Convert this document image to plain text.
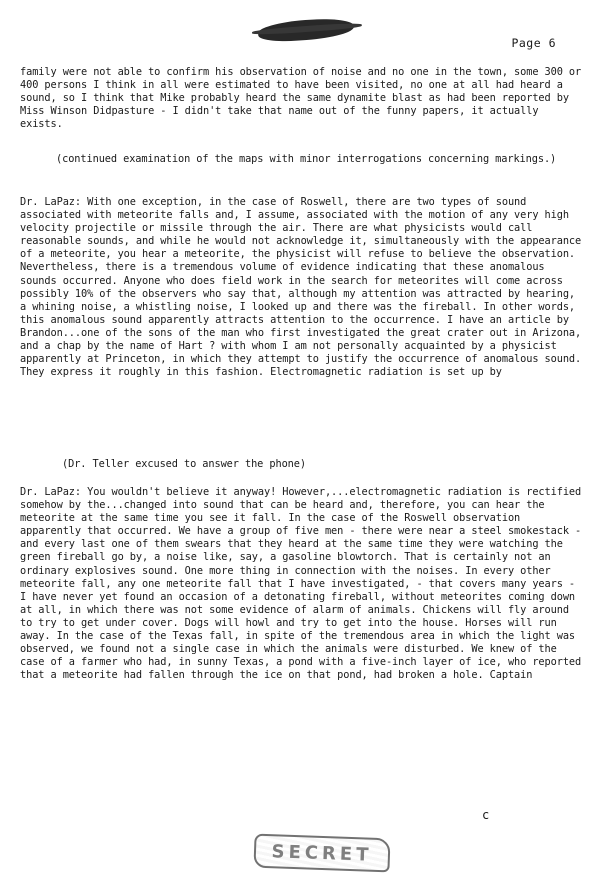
Page 6
family were not able to confirm his observation of noise and no one in the town, some 300 or 400 persons I think in all were estimated to have been visited, no one at all had heard a sound, so I think that Mike probably heard the same dynamite blast as had been reported by Miss Winson Didpasture - I didn't take that name out of the funny papers, it actually exists.
(continued examination of the maps with minor interrogations concerning markings.)
Dr. LaPaz: With one exception, in the case of Roswell, there are two types of sound associated with meteorite falls and, I assume, associated with the motion of any very high velocity projectile or missile through the air. There are what physicists would call reasonable sounds, and while he would not acknowledge it, simultaneously with the appearance of a meteorite, you hear a meteorite, the physicist will refuse to believe the observation. Nevertheless, there is a tremendous volume of evidence indicating that these anomalous sounds occurred. Anyone who does field work in the search for meteorites will come across possibly 10% of the observers who say that, although my attention was attracted by hearing, a whining noise, a whistling noise, I looked up and there was the fireball. In other words, this anomalous sound apparently attracts attention to the occurrence. I have an article by Brandon...one of the sons of the man who first investigated the great crater out in Arizona, and a chap by the name of Hart ? with whom I am not personally acquainted by a physicist apparently at Princeton, in which they attempt to justify the occurrence of anomalous sound. They express it roughly in this fashion. Electromagnetic radiation is set up by
(Dr. Teller excused to answer the phone)
Dr. LaPaz: You wouldn't believe it anyway! However,...electromagnetic radiation is rectified somehow by the...changed into sound that can be heard and, therefore, you can hear the meteorite at the same time you see it fall. In the case of the Roswell observation apparently that occurred. We have a group of five men - there were near a steel smokestack - and every last one of them swears that they heard at the same time they were watching the green fireball go by, a noise like, say, a gasoline blowtorch. That is certainly not an ordinary explosives sound. One more thing in connection with the noises. In every other meteorite fall, any one meteorite fall that I have investigated, - that covers many years - I have never yet found an occasion of a detonating fireball, without meteorites coming down at all, in which there was not some evidence of alarm of animals. Chickens will fly around to try to get under cover. Dogs will howl and try to get into the house. Horses will run away. In the case of the Texas fall, in spite of the tremendous area in which the light was observed, we found not a single case in which the animals were disturbed. We knew of the case of a farmer who had, in sunny Texas, a pond with a five-inch layer of ice, who reported that a meteorite had fallen through the ice on that pond, had broken a hole. Captain
c
SECRET
